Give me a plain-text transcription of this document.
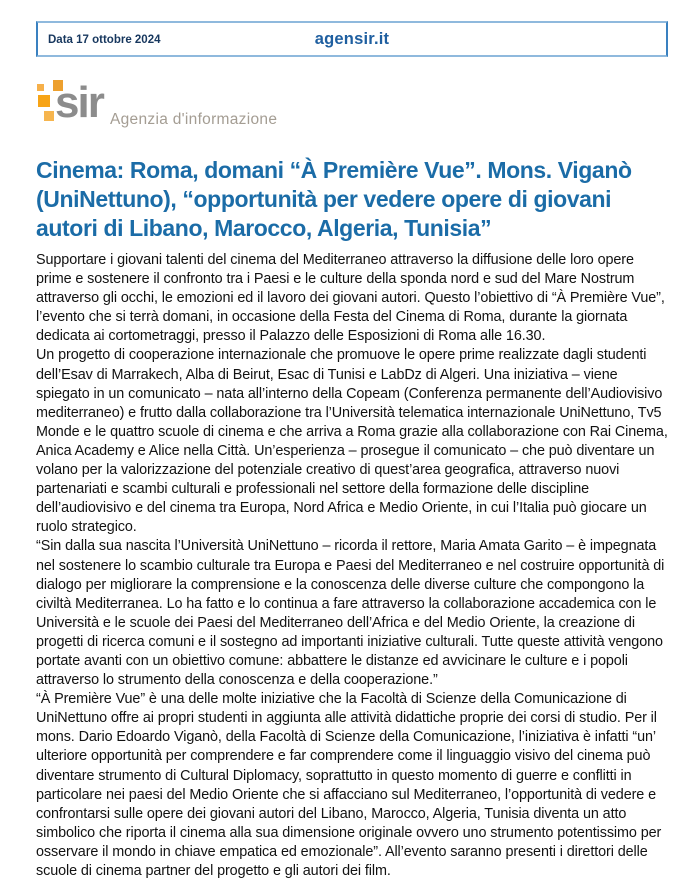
Data 17 ottobre 2024	agensir.it
sir Agenzia d'informazione
Cinema: Roma, domani “À Première Vue”. Mons. Viganò (UniNettuno), “opportunità per vedere opere di giovani autori di Libano, Marocco, Algeria, Tunisia”

Supportare i giovani talenti del cinema del Mediterraneo attraverso la diffusione delle loro opere prime e sostenere il confronto tra i Paesi e le culture della sponda nord e sud del Mare Nostrum attraverso gli occhi, le emozioni ed il lavoro dei giovani autori. Questo l’obiettivo di “À Première Vue”, l’evento che si terrà domani, in occasione della Festa del Cinema di Roma, durante la giornata dedicata ai cortometraggi, presso il Palazzo delle Esposizioni di Roma alle 16.30.

Un progetto di cooperazione internazionale che promuove le opere prime realizzate dagli studenti dell’Esav di Marrakech, Alba di Beirut, Esac di Tunisi e LabDz di Algeri. Una iniziativa – viene spiegato in un comunicato – nata all’interno della Copeam (Conferenza permanente dell’Audiovisivo mediterraneo) e frutto dalla collaborazione tra l’Università telematica internazionale UniNettuno, Tv5 Monde e le quattro scuole di cinema e che arriva a Roma grazie alla collaborazione con Rai Cinema, Anica Academy e Alice nella Città. Un’esperienza – prosegue il comunicato – che può diventare un volano per la valorizzazione del potenziale creativo di quest’area geografica, attraverso nuovi partenariati e scambi culturali e professionali nel settore della formazione delle discipline dell’audiovisivo e del cinema tra Europa, Nord Africa e Medio Oriente, in cui l’Italia può giocare un ruolo strategico.

“Sin dalla sua nascita l’Università UniNettuno – ricorda il rettore, Maria Amata Garito – è impegnata nel sostenere lo scambio culturale tra Europa e Paesi del Mediterraneo e nel costruire opportunità di dialogo per migliorare la comprensione e la conoscenza delle diverse culture che compongono la civiltà Mediterranea. Lo ha fatto e lo continua a fare attraverso la collaborazione accademica con le Università e le scuole dei Paesi del Mediterraneo dell’Africa e del Medio Oriente, la creazione di progetti di ricerca comuni e il sostegno ad importanti iniziative culturali. Tutte queste attività vengono portate avanti con un obiettivo comune: abbattere le distanze ed avvicinare le culture e i popoli attraverso lo strumento della conoscenza e della cooperazione.”

“À Première Vue” è una delle molte iniziative che la Facoltà di Scienze della Comunicazione di UniNettuno offre ai propri studenti in aggiunta alle attività didattiche proprie dei corsi di studio. Per il mons. Dario Edoardo Viganò, della Facoltà di Scienze della Comunicazione, l’iniziativa è infatti “un’ ulteriore opportunità per comprendere e far comprendere come il linguaggio visivo del cinema può diventare strumento di Cultural Diplomacy, soprattutto in questo momento di guerre e conflitti in particolare nei paesi del Medio Oriente che si affacciano sul Mediterraneo, l’opportunità di vedere e confrontarsi sulle opere dei giovani autori del Libano, Marocco, Algeria, Tunisia diventa un atto simbolico che riporta il cinema alla sua dimensione originale ovvero uno strumento potentissimo per osservare il mondo in chiave empatica ed emozionale”. All’evento saranno presenti i direttori delle scuole di cinema partner del progetto e gli autori dei film.
